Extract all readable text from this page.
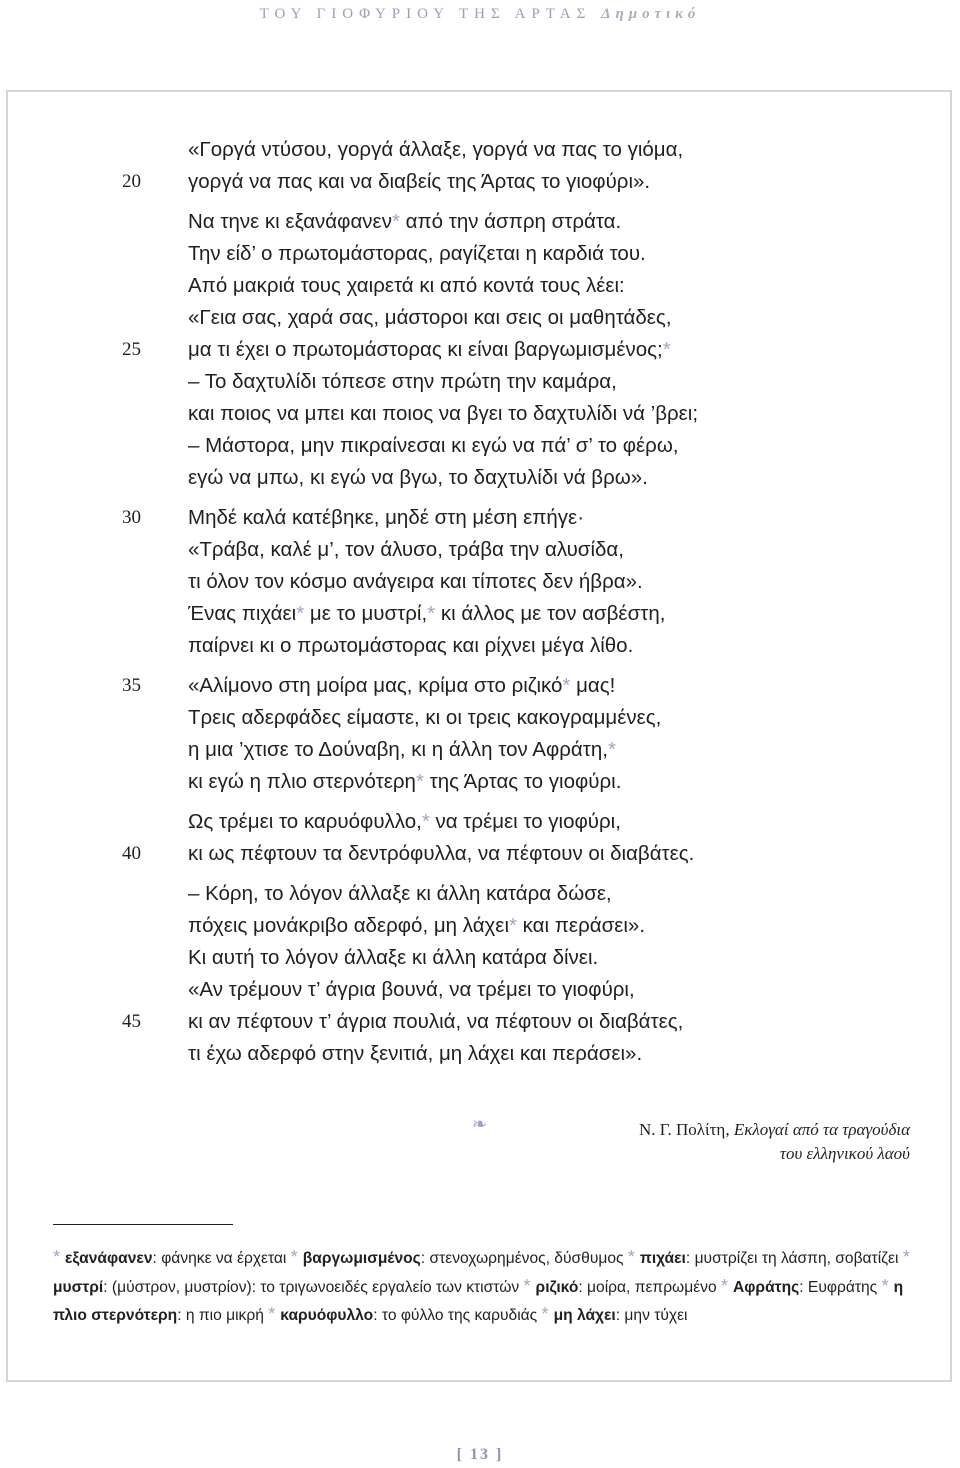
ΤΟΥ ΓΙΟΦΥΡΙΟΥ ΤΗΣ ΑΡΤΑΣ Δημοτικό
«Γοργά ντύσου, γοργά άλλαξε, γοργά να πας το γιόμα,
γοργά να πας και να διαβείς της Άρτας το γιοφύρι».
20
Να τηνε κι εξανάφανεν* από την άσπρη στράτα.
Την είδ’ ο πρωτομάστορας, ραγίζεται η καρδιά του.
Από μακριά τους χαιρετά κι από κοντά τους λέει:
«Γεια σας, χαρά σας, μάστοροι και σεις οι μαθητάδες,
μα τι έχει ο πρωτομάστορας κι είναι βαργωμισμένος;*
25
– Το δαχτυλίδι τόπεσε στην πρώτη την καμάρα,
και ποιος να μπει και ποιος να βγει το δαχτυλίδι νά ’βρει;
– Μάστορα, μην πικραίνεσαι κι εγώ να πά’ σ’ το φέρω,
εγώ να μπω, κι εγώ να βγω, το δαχτυλίδι νά βρω».
Μηδέ καλά κατέβηκε, μηδέ στη μέση επήγε·
30
«Τράβα, καλέ μ’, τον άλυσο, τράβα την αλυσίδα,
τι όλον τον κόσμο ανάγειρα και τίποτες δεν ήβρα».
Ένας πιχάει* με το μυστρί,* κι άλλος με τον ασβέστη,
παίρνει κι ο πρωτομάστορας και ρίχνει μέγα λίθο.
«Αλίμονο στη μοίρα μας, κρίμα στο ριζικό* μας!
35
Τρεις αδερφάδες είμαστε, κι οι τρεις κακογραμμένες,
η μια ’χτισε το Δούναβη, κι η άλλη τον Αφράτη,*
κι εγώ η πλιο στερνότερη* της Άρτας το γιοφύρι.
Ως τρέμει το καρυόφυλλο,* να τρέμει το γιοφύρι,
κι ως πέφτουν τα δεντρόφυλλα, να πέφτουν οι διαβάτες.
40
– Κόρη, το λόγον άλλαξε κι άλλη κατάρα δώσε,
πόχεις μονάκριβο αδερφό, μη λάχει* και περάσει».
Κι αυτή το λόγον άλλαξε κι άλλη κατάρα δίνει.
«Αν τρέμουν τ’ άγρια βουνά, να τρέμει το γιοφύρι,
κι αν πέφτουν τ’ άγρια πουλιά, να πέφτουν οι διαβάτες,
45
τι έχω αδερφό στην ξενιτιά, μη λάχει και περάσει».
❧	Ν. Γ. Πολίτη, Εκλογαί από τα τραγούδια
του ελληνικού λαού
* εξανάφανεν: φάνηκε να έρχεται * βαργωμισμένος: στενοχωρημένος, δύσθυμος * πιχάει: μυστρίζει τη λάσπη, σοβατίζει * μυστρί: (μύστρον, μυστρίον): το τριγωνοειδές εργαλείο των κτιστών * ριζικό: μοίρα, πεπρωμένο * Αφράτης: Ευφράτης * η πλιο στερνότερη: η πιο μικρή * καρυόφυλλο: το φύλλο της καρυδιάς * μη λάχει: μην τύχει
[ 13 ]
